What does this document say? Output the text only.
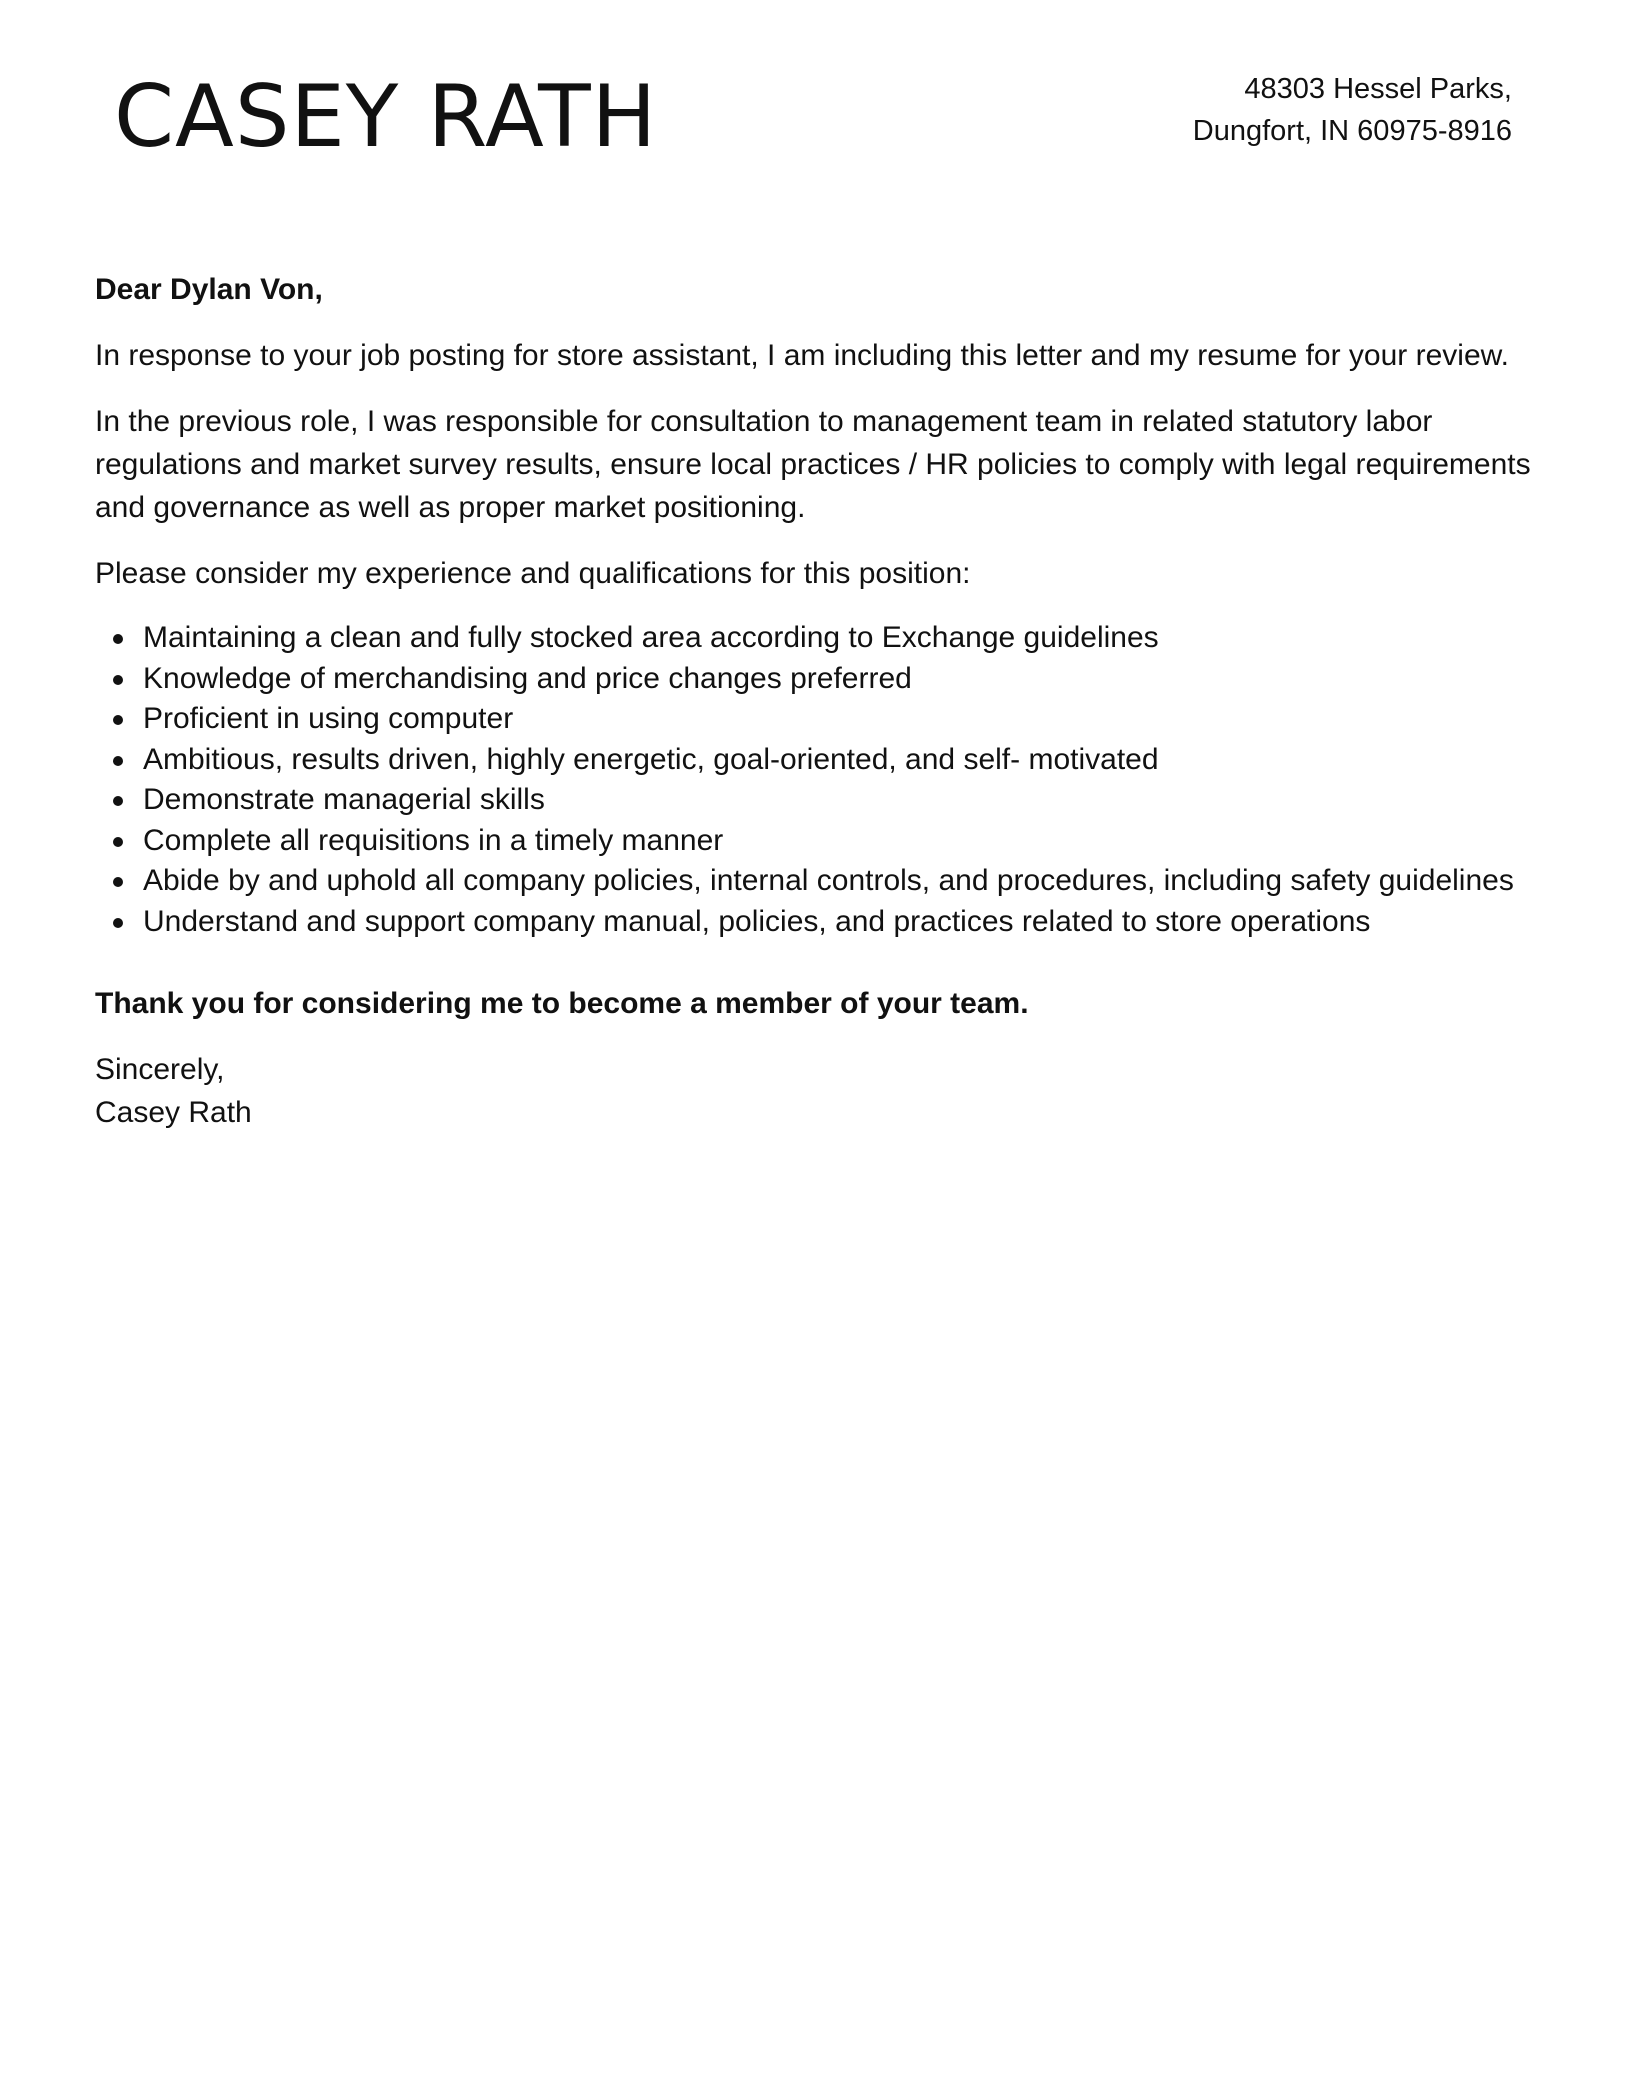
CASEY RATH	48303 Hessel Parks,
Dungfort, IN 60975-8916

Dear Dylan Von,

In response to your job posting for store assistant, I am including this letter and my resume for your review.

In the previous role, I was responsible for consultation to management team in related statutory labor regulations and market survey results, ensure local practices / HR policies to comply with legal requirements and governance as well as proper market positioning.

Please consider my experience and qualifications for this position:

Maintaining a clean and fully stocked area according to Exchange guidelines
Knowledge of merchandising and price changes preferred
Proficient in using computer
Ambitious, results driven, highly energetic, goal-oriented, and self- motivated
Demonstrate managerial skills
Complete all requisitions in a timely manner
Abide by and uphold all company policies, internal controls, and procedures, including safety guidelines
Understand and support company manual, policies, and practices related to store operations

Thank you for considering me to become a member of your team.

Sincerely,
Casey Rath
